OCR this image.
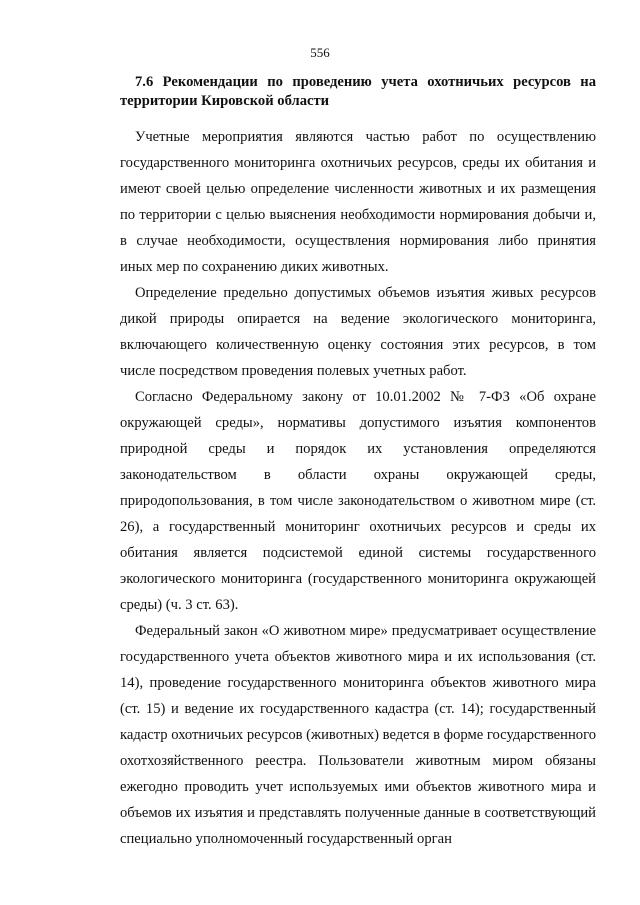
556

7.6 Рекомендации по проведению учета охотничьих ресурсов на территории Кировской области

Учетные мероприятия являются частью работ по осуществлению государственного мониторинга охотничьих ресурсов, среды их обитания и имеют своей целью определение численности животных и их размещения по территории с целью выяснения необходимости нормирования добычи и, в случае необходимости, осуществления нормирования либо принятия иных мер по сохранению диких животных.

Определение предельно допустимых объемов изъятия живых ресурсов дикой природы опирается на ведение экологического мониторинга, включающего количественную оценку состояния этих ресурсов, в том числе посредством проведения полевых учетных работ.

Согласно Федеральному закону от 10.01.2002 № 7-ФЗ «Об охране окружающей среды», нормативы допустимого изъятия компонентов природной среды и порядок их установления определяются законодательством в области охраны окружающей среды, природопользования, в том числе законодательством о животном мире (ст. 26), а государственный мониторинг охотничьих ресурсов и среды их обитания является подсистемой единой системы государственного экологического мониторинга (государственного мониторинга окружающей среды) (ч. 3 ст. 63).

Федеральный закон «О животном мире» предусматривает осуществление государственного учета объектов животного мира и их использования (ст. 14), проведение государственного мониторинга объектов животного мира (ст. 15) и ведение их государственного кадастра (ст. 14); государственный кадастр охотничьих ресурсов (животных) ведется в форме государственного охотхозяйственного реестра. Пользователи животным миром обязаны ежегодно проводить учет используемых ими объектов животного мира и объемов их изъятия и представлять полученные данные в соответствующий специально уполномоченный государственный орган
